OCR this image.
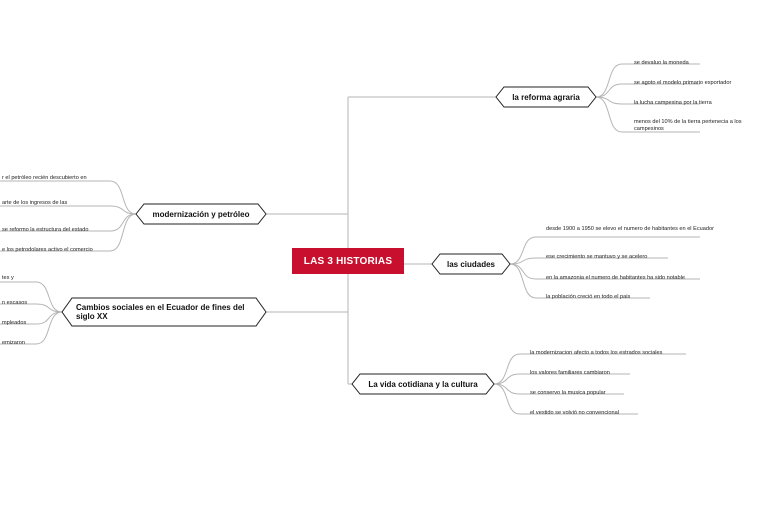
LAS 3 HISTORIAS
la reforma agraria
las ciudades
La vida cotidiana y la cultura
modernización y petróleo
Cambios sociales en el Ecuador de fines del siglo XX
se devaluo la moneda
se agoto el modelo primario exportador
la lucha campesina por la tierra
menos del 10% de la tierra pertenecia a los campesinos
desde 1900 a 1950 se elevo el numero de habitantes en el Ecuador
ese crecimiento se mantuvo y se acelero
en la amazonia el numero de habitantes ha sido notable
la población creció en todo el pais
la modernizacion afecto a todos los estrados sociales
los valores familiares cambiaron
se conservo la musica popular
el vestido se volvió no convencional
r el petróleo recién descubierto en
arte de los ingresos de las
se reformo la estructura del estado
e los petrodolares activo el comercio
tes y
n escasos
mpleados
emizaron
